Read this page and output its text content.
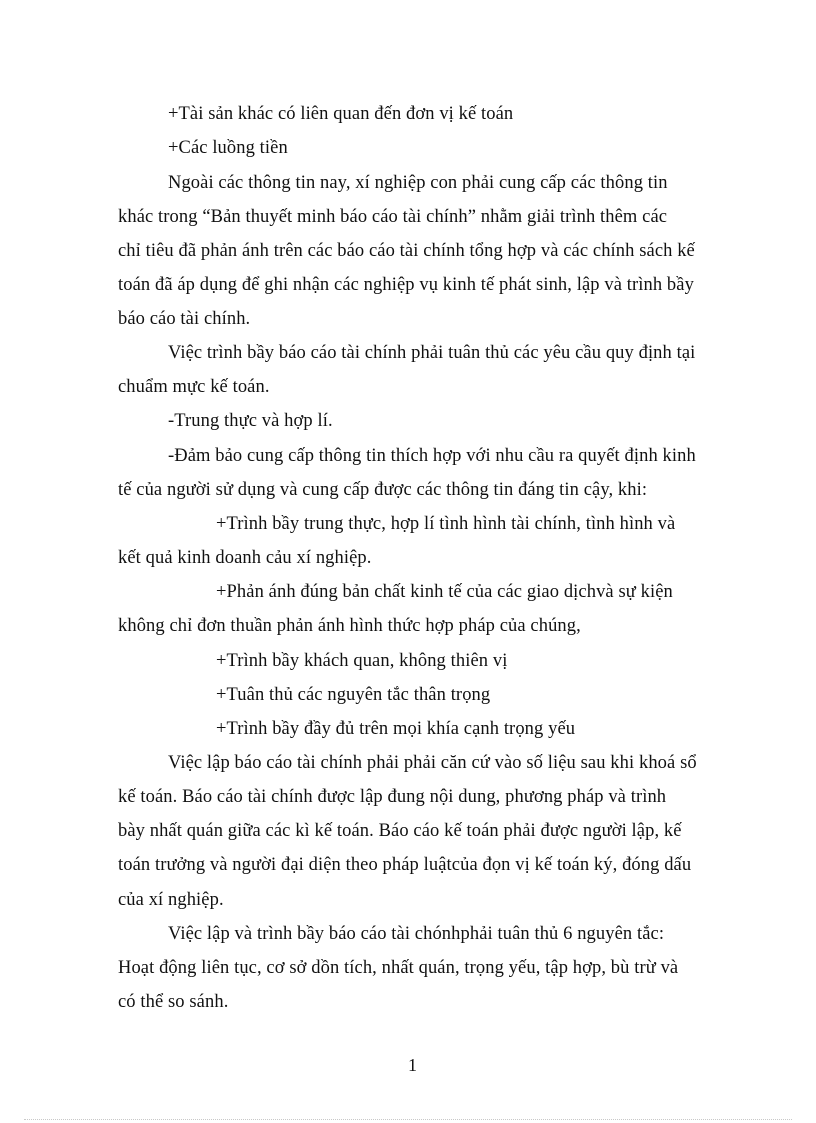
+Tài sản khác có liên quan đến đơn vị kế toán
+Các luồng tiền
Ngoài các thông tin nay, xí nghiệp con phải cung cấp các thông tin
khác trong “Bản thuyết minh báo cáo tài chính” nhằm giải trình thêm các
chỉ tiêu đã phản ánh trên các báo cáo tài chính tổng hợp và các chính sách kế
toán đã áp dụng để ghi nhận các nghiệp vụ kinh tế phát sinh, lập và trình bầy
báo cáo tài chính.
Việc trình bầy báo cáo tài chính phải tuân thủ các yêu cầu quy định tại
chuẩm mực kế toán.
-Trung thực và hợp lí.
-Đảm bảo cung cấp thông tin thích hợp với nhu cầu ra quyết định kinh
tế của người sử dụng và cung cấp được các thông tin đáng tin cậy, khi:
+Trình bầy trung thực, hợp lí tình hình tài chính, tình hình và
kết quả kinh doanh cảu xí nghiệp.
+Phản ánh đúng bản chất kinh tế của các giao dịchvà sự kiện
không chỉ đơn thuần phản ánh hình thức hợp pháp của chúng,
+Trình bầy khách quan, không thiên vị
+Tuân thủ các nguyên tắc thân trọng
+Trình bầy đầy đủ trên mọi khía cạnh trọng yếu
Việc lập báo cáo tài chính phải phải căn cứ vào số liệu sau khi khoá sổ
kế toán. Báo cáo tài chính được lập đung nội dung, phương pháp và trình
bày nhất quán giữa các kì kế toán. Báo cáo kế toán phải được người lập, kế
toán trưởng và người đại diện theo pháp luậtcủa đọn vị kế toán ký, đóng dấu
của xí nghiệp.
Việc lập và trình bầy báo cáo tài chónhphải tuân thủ 6 nguyên tắc:
Hoạt động liên tục, cơ sở dồn tích, nhất quán, trọng yếu, tập hợp, bù trừ và
có thể so sánh.
1
